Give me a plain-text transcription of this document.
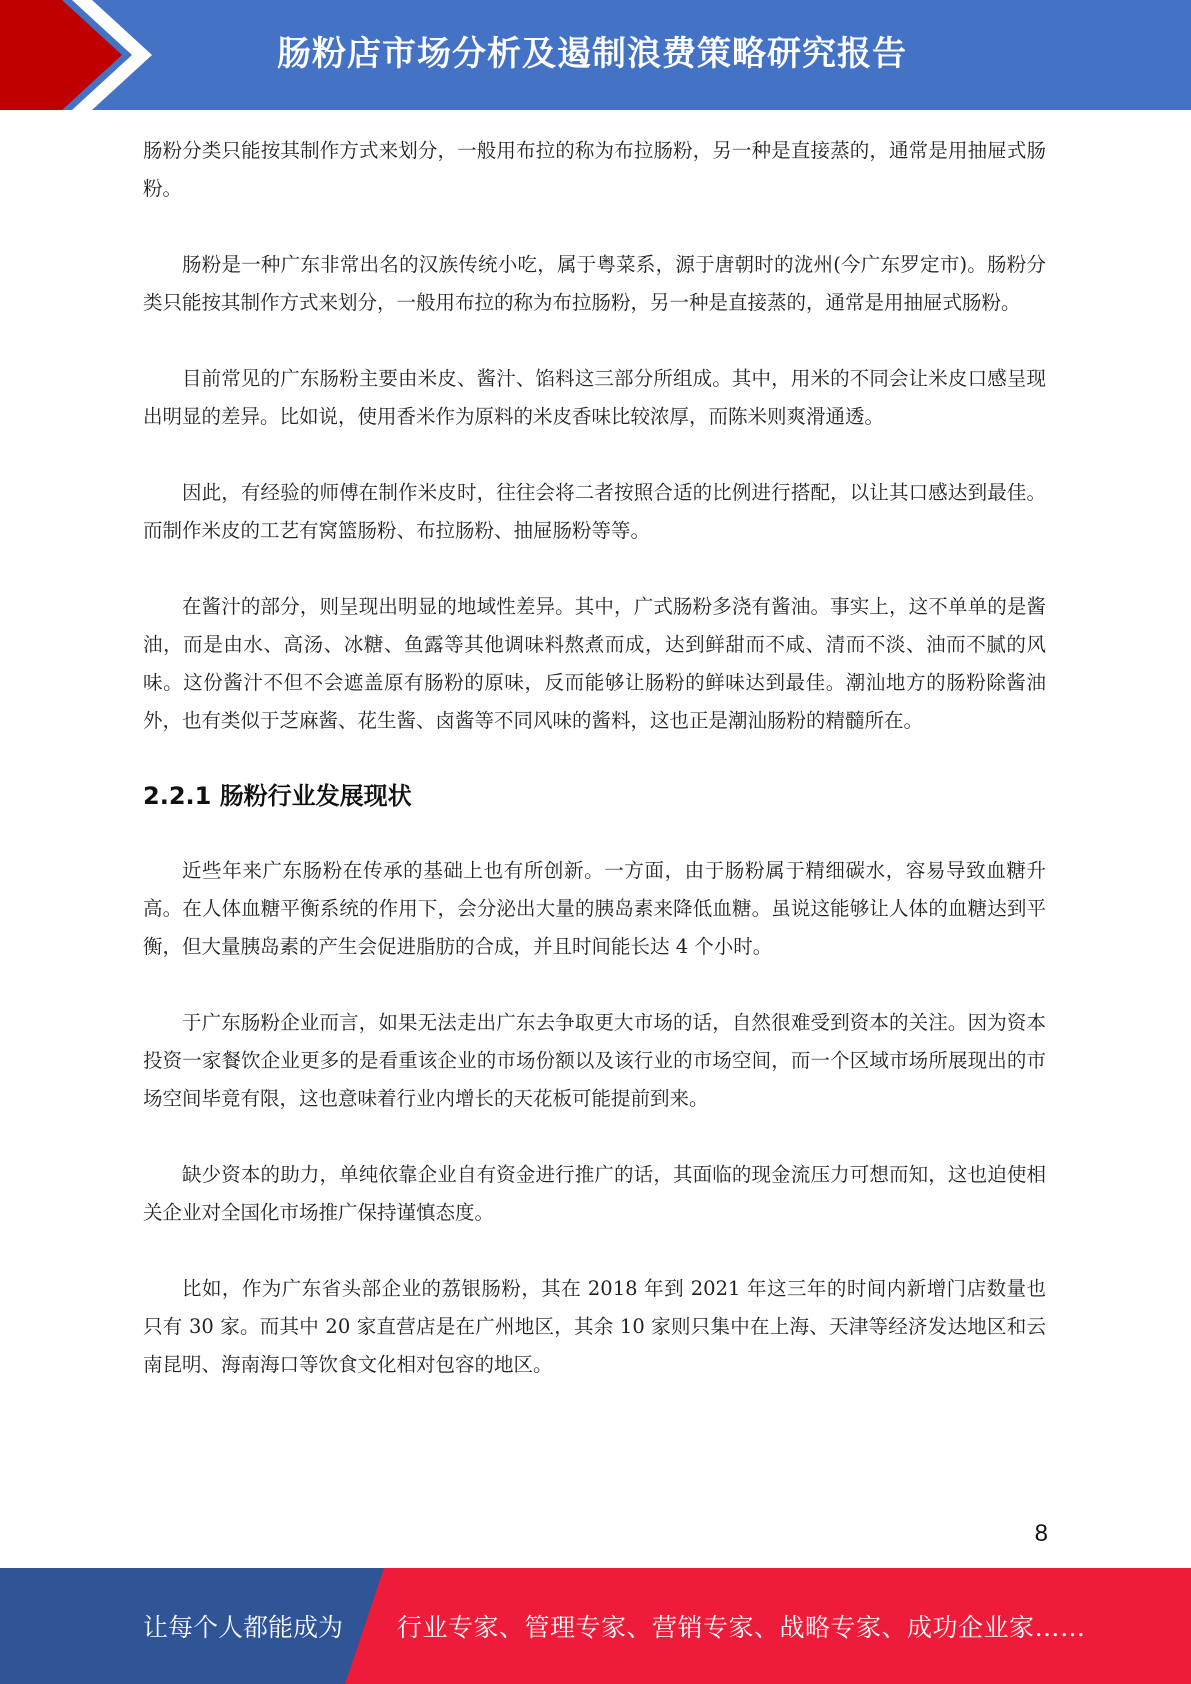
肠粉店市场分析及遏制浪费策略研究报告

肠粉分类只能按其制作方式来划分，一般用布拉的称为布拉肠粉，另一种是直接蒸的，通常是用抽屉式肠粉。

肠粉是一种广东非常出名的汉族传统小吃，属于粤菜系，源于唐朝时的泷州(今广东罗定市)。肠粉分类只能按其制作方式来划分，一般用布拉的称为布拉肠粉，另一种是直接蒸的，通常是用抽屉式肠粉。

目前常见的广东肠粉主要由米皮、酱汁、馅料这三部分所组成。其中，用米的不同会让米皮口感呈现出明显的差异。比如说，使用香米作为原料的米皮香味比较浓厚，而陈米则爽滑通透。

因此，有经验的师傅在制作米皮时，往往会将二者按照合适的比例进行搭配，以让其口感达到最佳。而制作米皮的工艺有窝篮肠粉、布拉肠粉、抽屉肠粉等等。

在酱汁的部分，则呈现出明显的地域性差异。其中，广式肠粉多浇有酱油。事实上，这不单单的是酱油，而是由水、高汤、冰糖、鱼露等其他调味料熬煮而成，达到鲜甜而不咸、清而不淡、油而不腻的风味。这份酱汁不但不会遮盖原有肠粉的原味，反而能够让肠粉的鲜味达到最佳。潮汕地方的肠粉除酱油外，也有类似于芝麻酱、花生酱、卤酱等不同风味的酱料，这也正是潮汕肠粉的精髓所在。

2.2.1 肠粉行业发展现状

近些年来广东肠粉在传承的基础上也有所创新。一方面，由于肠粉属于精细碳水，容易导致血糖升高。在人体血糖平衡系统的作用下，会分泌出大量的胰岛素来降低血糖。虽说这能够让人体的血糖达到平衡，但大量胰岛素的产生会促进脂肪的合成，并且时间能长达 4 个小时。

于广东肠粉企业而言，如果无法走出广东去争取更大市场的话，自然很难受到资本的关注。因为资本投资一家餐饮企业更多的是看重该企业的市场份额以及该行业的市场空间，而一个区域市场所展现出的市场空间毕竟有限，这也意味着行业内增长的天花板可能提前到来。

缺少资本的助力，单纯依靠企业自有资金进行推广的话，其面临的现金流压力可想而知，这也迫使相关企业对全国化市场推广保持谨慎态度。

比如，作为广东省头部企业的荔银肠粉，其在 2018 年到 2021 年这三年的时间内新增门店数量也只有 30 家。而其中 20 家直营店是在广州地区，其余 10 家则只集中在上海、天津等经济发达地区和云南昆明、海南海口等饮食文化相对包容的地区。

8
让每个人都能成为 行业专家、管理专家、营销专家、战略专家、成功企业家……
